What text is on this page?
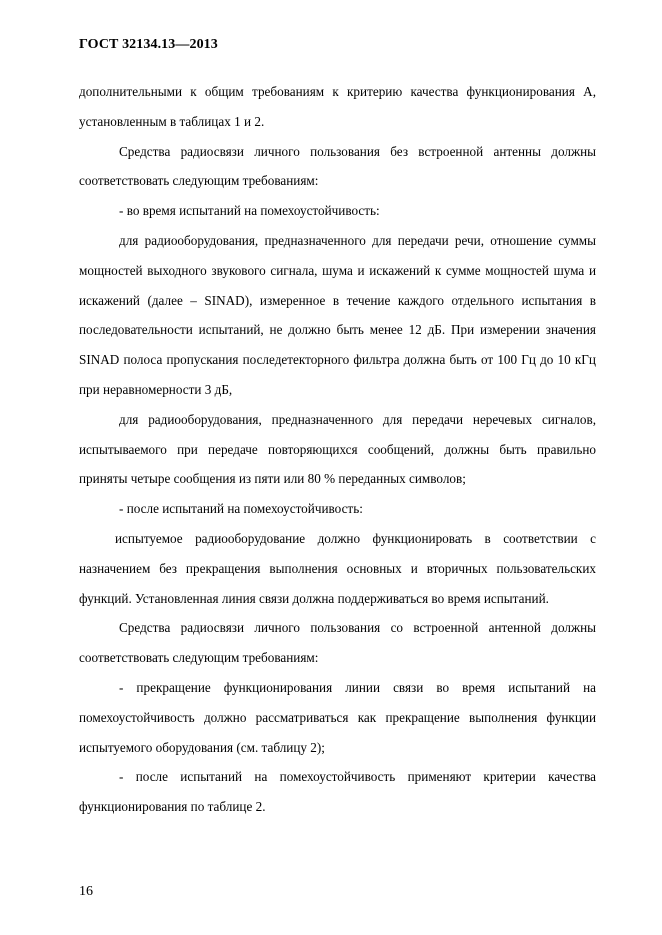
ГОСТ 32134.13—2013

дополнительными к общим требованиям к критерию качества функционирования А, установленным в таблицах 1 и 2.

Средства радиосвязи личного пользования без встроенной антенны должны соответствовать следующим требованиям:

- во время испытаний на помехоустойчивость:

для радиооборудования, предназначенного для передачи речи, отношение суммы мощностей выходного звукового сигнала, шума и искажений к сумме мощностей шума и искажений (далее – SINAD), измеренное в течение каждого отдельного испытания в последовательности испытаний, не должно быть менее 12 дБ. При измерении значения SINAD полоса пропускания последетекторного фильтра должна быть от 100 Гц до 10 кГц при неравномерности 3 дБ,

для радиооборудования, предназначенного для передачи неречевых сигналов, испытываемого при передаче повторяющихся сообщений, должны быть правильно приняты четыре сообщения из пяти или 80 % переданных символов;

- после испытаний на помехоустойчивость:

испытуемое радиооборудование должно функционировать в соответствии с назначением без прекращения выполнения основных и вторичных пользовательских функций. Установленная линия связи должна поддерживаться во время испытаний.

Средства радиосвязи личного пользования со встроенной антенной должны соответствовать следующим требованиям:

- прекращение функционирования линии связи во время испытаний на помехоустойчивость должно рассматриваться как прекращение выполнения функции испытуемого оборудования (см. таблицу 2);

- после испытаний на помехоустойчивость применяют критерии качества функционирования по таблице 2.

16
